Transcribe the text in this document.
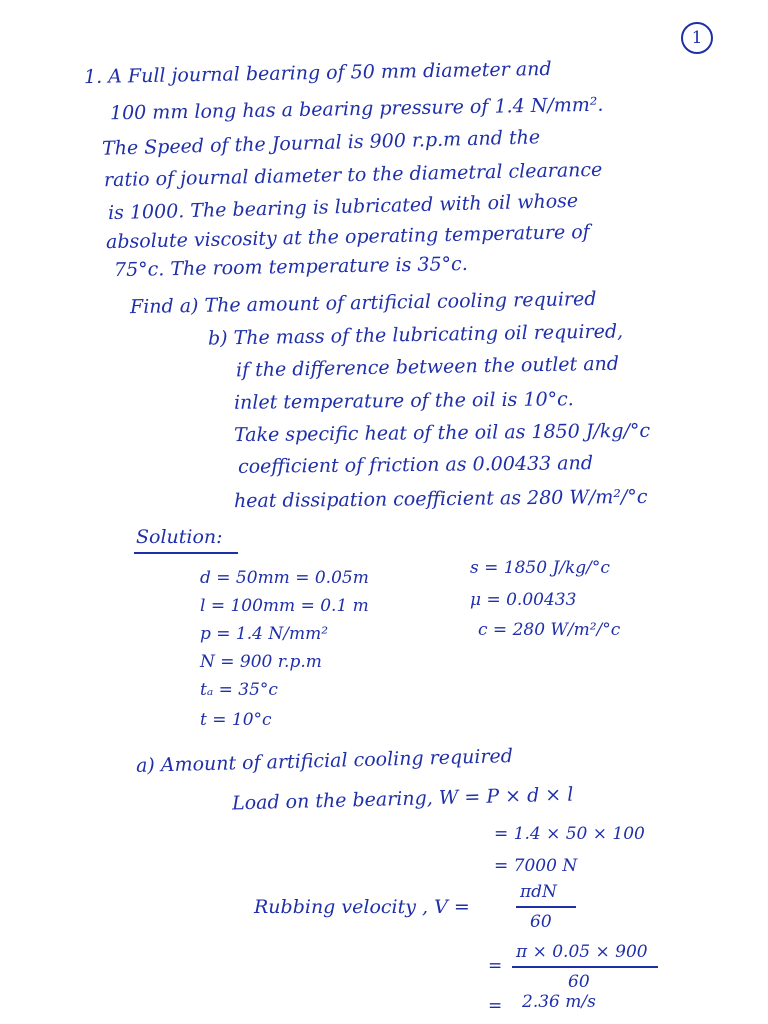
1
1. A Full journal bearing of 50 mm diameter and
100 mm long has a bearing pressure of 1.4 N/mm².
The Speed of the Journal is 900 r.p.m and the
ratio of journal diameter to the diametral clearance
is 1000. The bearing is lubricated with oil whose
absolute viscosity at the operating temperature of
75°c. The room temperature is 35°c.
Find a) The amount of artificial cooling required
b) The mass of the lubricating oil required,
if the difference between the outlet and
inlet temperature of the oil is 10°c.
Take specific heat of the oil as 1850 J/kg/°c
coefficient of friction as 0.00433 and
heat dissipation coefficient as 280 W/m²/°c
Solution:
d = 50mm = 0.05m
l = 100mm = 0.1 m
p = 1.4 N/mm²
N = 900 r.p.m
tₐ = 35°c
t = 10°c
s = 1850 J/kg/°c
μ = 0.00433
c = 280 W/m²/°c
a) Amount of artificial cooling required
Load on the bearing, W = P × d × l
= 1.4 × 50 × 100
= 7000 N
Rubbing velocity , V =
πdN
60
=
π × 0.05 × 900
60
= 2.36 m/s
